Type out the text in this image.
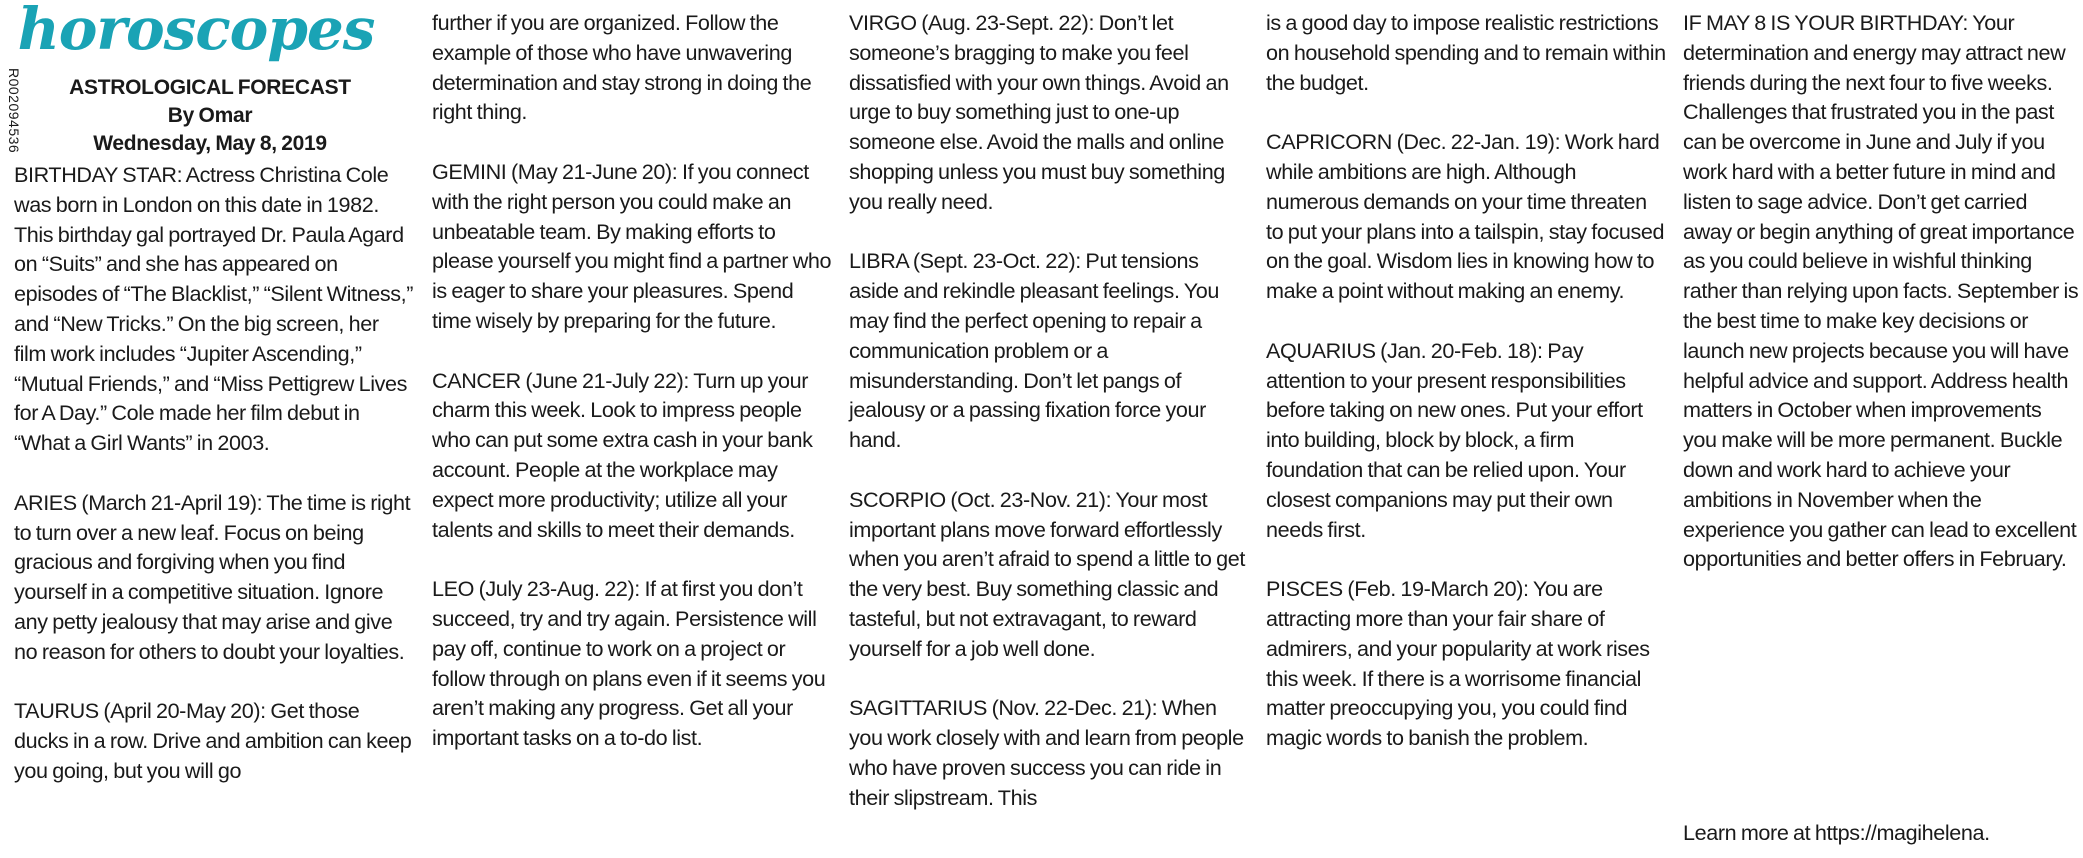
R002094536
horoscopes
ASTROLOGICAL FORECAST
By Omar
Wednesday, May 8, 2019

BIRTHDAY STAR: Actress Christina Cole was born in London on this date in 1982. This birthday gal portrayed Dr. Paula Agard on “Suits” and she has appeared on episodes of “The Blacklist,” “Silent Witness,” and “New Tricks.” On the big screen, her film work includes “Jupiter Ascending,” “Mutual Friends,” and “Miss Pettigrew Lives for A Day.” Cole made her film debut in “What a Girl Wants” in 2003.

ARIES (March 21-April 19): The time is right to turn over a new leaf. Focus on being gracious and forgiving when you find yourself in a competitive situation. Ignore any petty jealousy that may arise and give no reason for others to doubt your loyalties.

TAURUS (April 20-May 20): Get those ducks in a row. Drive and ambition can keep you going, but you will go

further if you are organized. Follow the example of those who have unwavering determination and stay strong in doing the right thing.

GEMINI (May 21-June 20): If you connect with the right person you could make an unbeatable team. By making efforts to please yourself you might find a partner who is eager to share your pleasures. Spend time wisely by preparing for the future.

CANCER (June 21-July 22): Turn up your charm this week. Look to impress people who can put some extra cash in your bank account. People at the workplace may expect more productivity; utilize all your talents and skills to meet their demands.

LEO (July 23-Aug. 22): If at first you don’t succeed, try and try again. Persistence will pay off, continue to work on a project or follow through on plans even if it seems you aren’t making any progress. Get all your important tasks on a to-do list.

VIRGO (Aug. 23-Sept. 22): Don’t let someone’s bragging to make you feel dissatisfied with your own things. Avoid an urge to buy something just to one-up someone else. Avoid the malls and online shopping unless you must buy something you really need.

LIBRA (Sept. 23-Oct. 22): Put tensions aside and rekindle pleasant feelings. You may find the perfect opening to repair a communication problem or a misunderstanding. Don’t let pangs of jealousy or a passing fixation force your hand.

SCORPIO (Oct. 23-Nov. 21): Your most important plans move forward effortlessly when you aren’t afraid to spend a little to get the very best. Buy something classic and tasteful, but not extravagant, to reward yourself for a job well done.

SAGITTARIUS (Nov. 22-Dec. 21): When you work closely with and learn from people who have proven success you can ride in their slipstream. This

is a good day to impose realistic restrictions on household spending and to remain within the budget.

CAPRICORN (Dec. 22-Jan. 19): Work hard while ambitions are high. Although numerous demands on your time threaten to put your plans into a tailspin, stay focused on the goal. Wisdom lies in knowing how to make a point without making an enemy.

AQUARIUS (Jan. 20-Feb. 18): Pay attention to your present responsibilities before taking on new ones. Put your effort into building, block by block, a firm foundation that can be relied upon. Your closest companions may put their own needs first.

PISCES (Feb. 19-March 20): You are attracting more than your fair share of admirers, and your popularity at work rises this week. If there is a worrisome financial matter preoccupying you, you could find magic words to banish the problem.

IF MAY 8 IS YOUR BIRTHDAY: Your determination and energy may attract new friends during the next four to five weeks. Challenges that frustrated you in the past can be overcome in June and July if you work hard with a better future in mind and listen to sage advice. Don’t get carried away or begin anything of great importance as you could believe in wishful thinking rather than relying upon facts. September is the best time to make key decisions or launch new projects because you will have helpful advice and support. Address health matters in October when improvements you make will be more permanent. Buckle down and work hard to achieve your ambitions in November when the experience you gather can lead to excellent opportunities and better offers in February.

Learn more at https://magihelena.
